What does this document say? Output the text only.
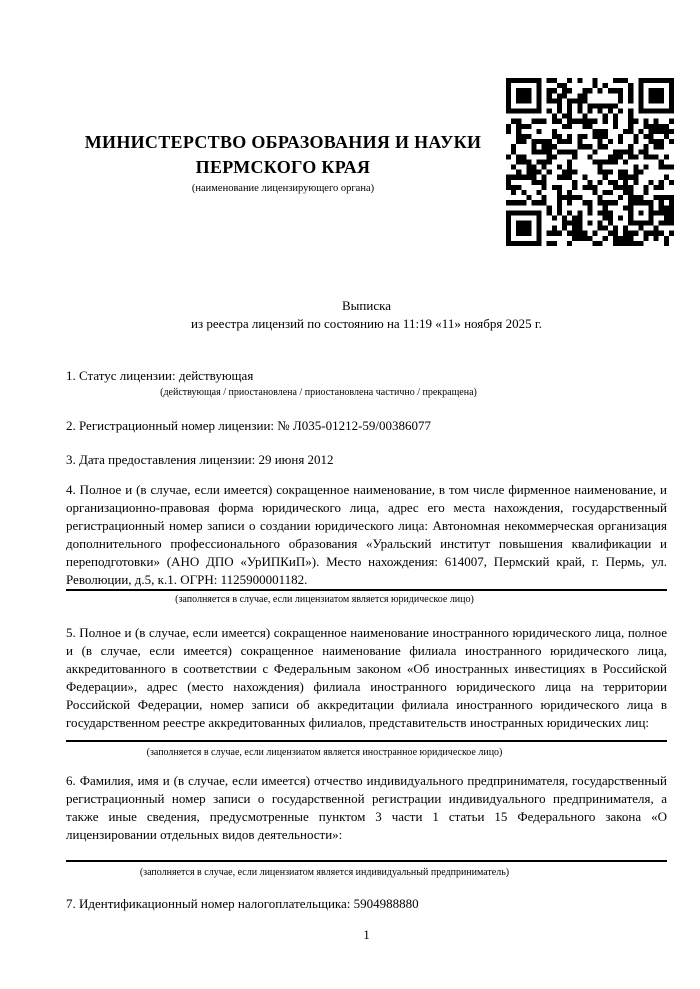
МИНИСТЕРСТВО ОБРАЗОВАНИЯ И НАУКИ
ПЕРМСКОГО КРАЯ
(наименование лицензирующего органа)
Выписка
из реестра лицензий по состоянию на 11:19 «11» ноября 2025 г.

1. Статус лицензии: действующая

(действующая / приостановлена / приостановлена частично / прекращена)

2. Регистрационный номер лицензии: № Л035-01212-59/00386077

3. Дата предоставления лицензии: 29 июня 2012

4. Полное и (в случае, если имеется) сокращенное наименование, в том числе фирменное наименование, и организационно-правовая форма юридического лица, адрес его места нахождения, государственный регистрационный номер записи о создании юридического лица: Автономная некоммерческая организация дополнительного профессионального образования «Уральский институт повышения квалификации и переподготовки» (АНО ДПО «УрИПКиП»). Место нахождения: 614007, Пермский край, г. Пермь, ул. Революции, д.5, к.1. ОГРН: 1125900001182.

(заполняется в случае, если лицензиатом является юридическое лицо)

5. Полное и (в случае, если имеется) сокращенное наименование иностранного юридического лица, полное и (в случае, если имеется) сокращенное наименование филиала иностранного юридического лица, аккредитованного в соответствии с Федеральным законом «Об иностранных инвестициях в Российской Федерации», адрес (место нахождения) филиала иностранного юридического лица на территории Российской Федерации, номер записи об аккредитации филиала иностранного юридического лица в государственном реестре аккредитованных филиалов, представительств иностранных юридических лиц:

(заполняется в случае, если лицензиатом является иностранное юридическое лицо)

6. Фамилия, имя и (в случае, если имеется) отчество индивидуального предпринимателя, государственный регистрационный номер записи о государственной регистрации индивидуального предпринимателя, а также иные сведения, предусмотренные пунктом 3 части 1 статьи 15 Федерального закона «О лицензировании отдельных видов деятельности»:

(заполняется в случае, если лицензиатом является индивидуальный предприниматель)

7. Идентификационный номер налогоплательщика: 5904988880

1
